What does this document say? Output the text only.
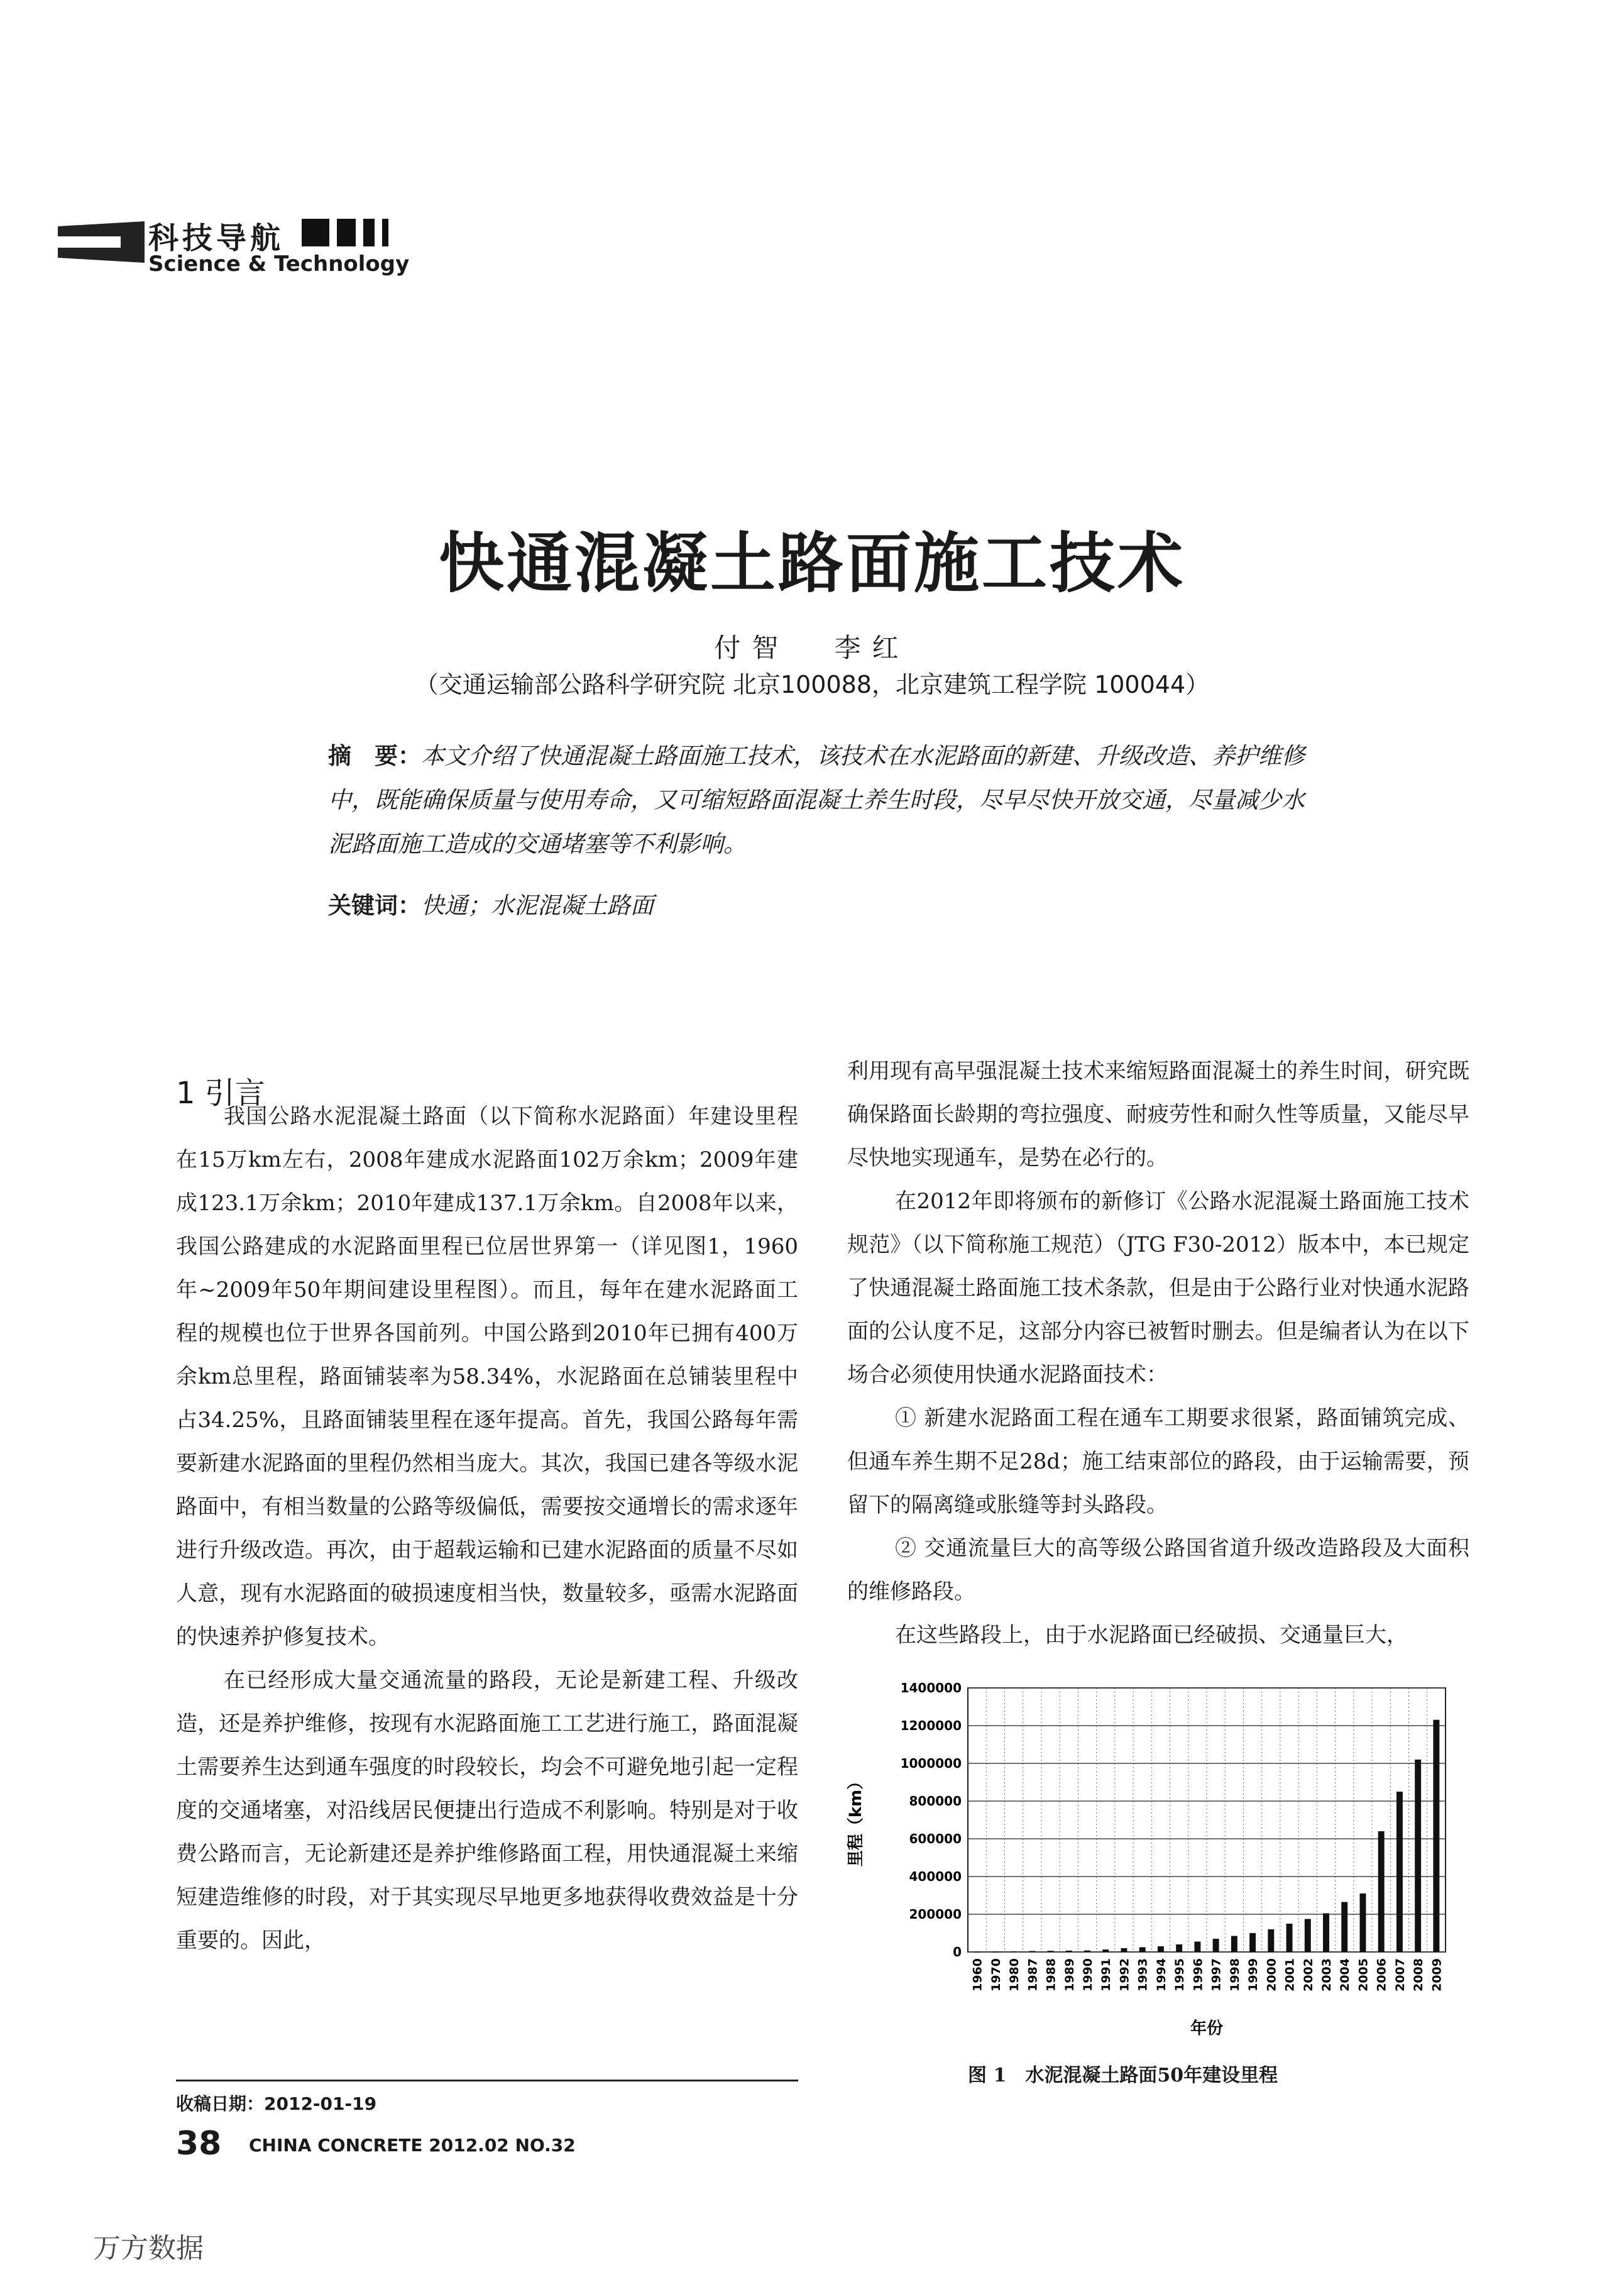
科技导航
Science & Technology
快通混凝土路面施工技术
付智 李红
（交通运输部公路科学研究院 北京100088，北京建筑工程学院 100044）
摘　要：本文介绍了快通混凝土路面施工技术，该技术在水泥路面的新建、升级改造、养护维修中，既能确保质量与使用寿命，又可缩短路面混凝土养生时段，尽早尽快开放交通，尽量减少水泥路面施工造成的交通堵塞等不利影响。
关键词：快通；水泥混凝土路面
1 引言

我国公路水泥混凝土路面（以下简称水泥路面）年建设里程在15万km左右，2008年建成水泥路面102万余km；2009年建成123.1万余km；2010年建成137.1万余km。自2008年以来，我国公路建成的水泥路面里程已位居世界第一（详见图1，1960年~2009年50年期间建设里程图）。而且，每年在建水泥路面工程的规模也位于世界各国前列。中国公路到2010年已拥有400万余km总里程，路面铺装率为58.34%，水泥路面在总铺装里程中占34.25%，且路面铺装里程在逐年提高。首先，我国公路每年需要新建水泥路面的里程仍然相当庞大。其次，我国已建各等级水泥路面中，有相当数量的公路等级偏低，需要按交通增长的需求逐年进行升级改造。再次，由于超载运输和已建水泥路面的质量不尽如人意，现有水泥路面的破损速度相当快，数量较多，亟需水泥路面的快速养护修复技术。

在已经形成大量交通流量的路段，无论是新建工程、升级改造，还是养护维修，按现有水泥路面施工工艺进行施工，路面混凝土需要养生达到通车强度的时段较长，均会不可避免地引起一定程度的交通堵塞，对沿线居民便捷出行造成不利影响。特别是对于收费公路而言，无论新建还是养护维修路面工程，用快通混凝土来缩短建造维修的时段，对于其实现尽早地更多地获得收费效益是十分重要的。因此，

利用现有高早强混凝土技术来缩短路面混凝土的养生时间，研究既确保路面长龄期的弯拉强度、耐疲劳性和耐久性等质量，又能尽早尽快地实现通车，是势在必行的。

在2012年即将颁布的新修订《公路水泥混凝土路面施工技术规范》（以下简称施工规范）（JTG F30-2012）版本中，本已规定了快通混凝土路面施工技术条款，但是由于公路行业对快通水泥路面的公认度不足，这部分内容已被暂时删去。但是编者认为在以下场合必须使用快通水泥路面技术：

① 新建水泥路面工程在通车工期要求很紧，路面铺筑完成、但通车养生期不足28d；施工结束部位的路段，由于运输需要，预留下的隔离缝或胀缝等封头路段。

② 交通流量巨大的高等级公路国省道升级改造路段及大面积的维修路段。

在这些路段上，由于水泥路面已经破损、交通量巨大，

0
200000
400000
600000
800000
1000000
1200000
1400000
1960 1970 1980 1987 1988 1989 1990 1991 1992 1993 1994 1995 1996 1997 1998 1999 2000 2001 2002 2003 2004 2005 2006 2007 2008 2009
里程（km）
年份
图 1　水泥混凝土路面50年建设里程
收稿日期：2012-01-19
38 CHINA CONCRETE 2012.02 NO.32
万方数据
